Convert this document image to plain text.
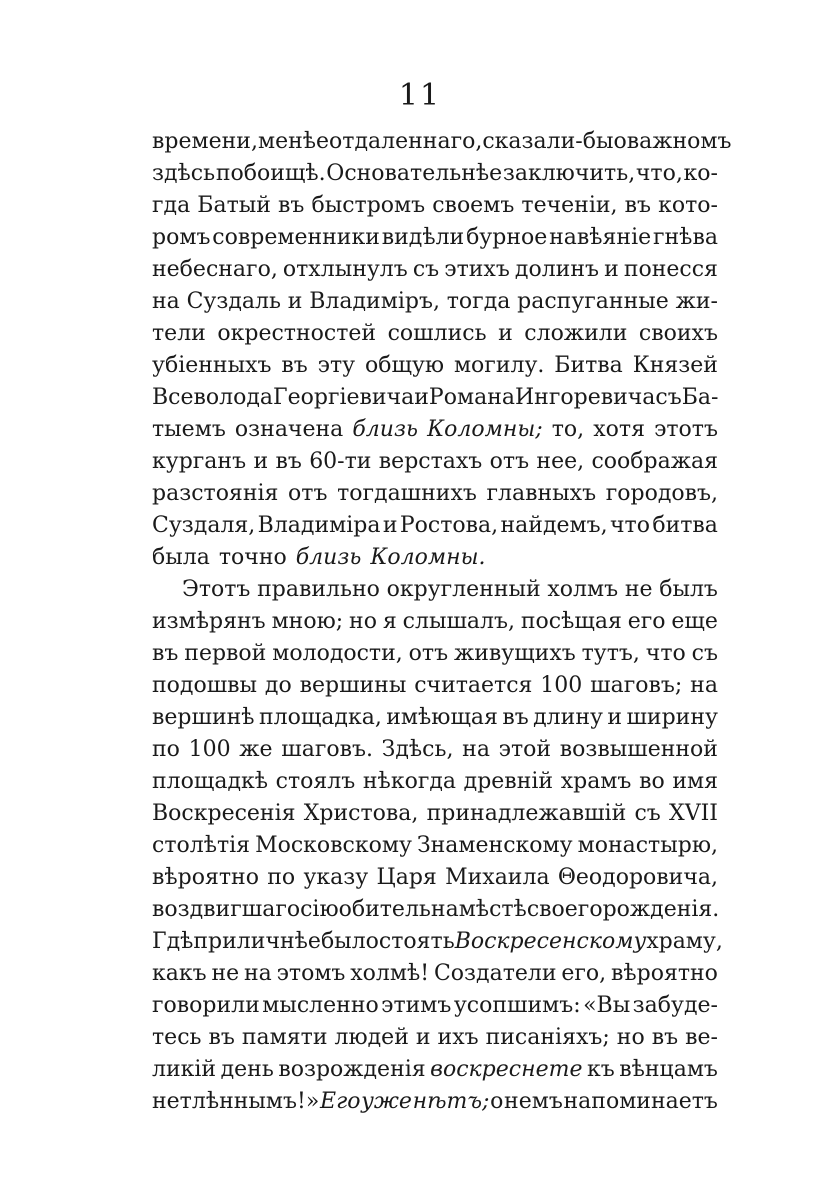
11
времени, менѣе отдаленнаго, сказали-бы о важномъ
здѣсь побоищѣ. Основательнѣе заключить, что, ко-
гда Батый въ быстромъ своемъ теченіи, въ кото-
ромъ современники видѣли бурное навѣяніе гнѣва
небеснаго, отхлынулъ съ этихъ долинъ и понесся
на Суздаль и Владиміръ, тогда распуганные жи-
тели окрестностей сошлись и сложили своихъ
убіенныхъ въ эту общую могилу. Битва Князей
Всеволода Георгіевича и Романа Ингоревича съ Ба-
тыемъ означена близь Коломны; то, хотя этотъ
курганъ и въ 60-ти верстахъ отъ нее, соображая
разстоянія отъ тогдашнихъ главныхъ городовъ,
Суздаля, Владиміра и Ростова, найдемъ, что битва
была точно близь Коломны.
Этотъ правильно округленный холмъ не былъ
измѣрянъ мною; но я слышалъ, посѣщая его еще
въ первой молодости, отъ живущихъ тутъ, что съ
подошвы до вершины считается 100 шаговъ; на
вершинѣ площадка, имѣющая въ длину и ширину
по 100 же шаговъ. Здѣсь, на этой возвышенной
площадкѣ стоялъ нѣкогда древній храмъ во имя
Воскресенія Христова, принадлежавшій съ XVII
столѣтія Московскому Знаменскому монастырю,
вѣроятно по указу Царя Михаила Θеодоровича,
воздвигшаго сію обитель на мѣстѣ своего рожденія.
Гдѣ приличнѣе было стоять Воскресенскому храму,
какъ не на этомъ холмѣ! Создатели его, вѣроятно
говорили мысленно этимъ усопшимъ: «Вы забуде-
тесь въ памяти людей и ихъ писаніяхъ; но въ ве-
ликій день возрожденія воскреснете къ вѣнцамъ
нетлѣннымъ!» Его уже нѣтъ; о немъ напоминаетъ
